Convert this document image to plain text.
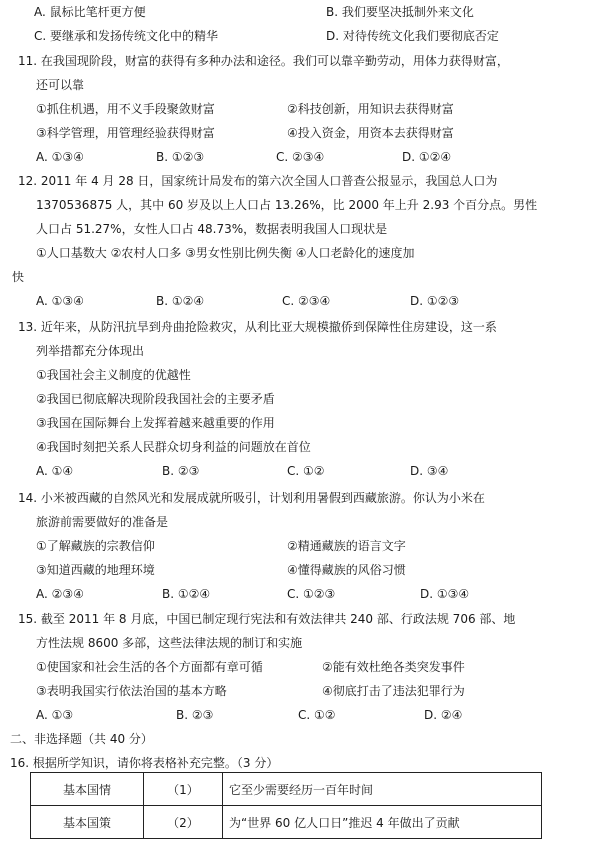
A. 鼠标比笔杆更方便	B. 我们要坚决抵制外来文化
C. 要继承和发扬传统文化中的精华	D. 对待传统文化我们要彻底否定
11. 在我国现阶段，财富的获得有多种办法和途径。我们可以靠辛勤劳动，用体力获得财富，
还可以靠
①抓住机遇，用不义手段聚敛财富	②科技创新，用知识去获得财富
③科学管理，用管理经验获得财富	④投入资金，用资本去获得财富
A. ①③④	B. ①②③	C. ②③④	D. ①②④
12. 2011 年 4 月 28 日，国家统计局发布的第六次全国人口普查公报显示，我国总人口为
1370536875 人，其中 60 岁及以上人口占 13.26%，比 2000 年上升 2.93 个百分点。男性
人口占 51.27%，女性人口占 48.73%，数据表明我国人口现状是
①人口基数大 ②农村人口多 ③男女性别比例失衡 ④人口老龄化的速度加
快
A. ①③④	B. ①②④	C. ②③④	D. ①②③
13. 近年来，从防汛抗旱到舟曲抢险救灾，从利比亚大规模撤侨到保障性住房建设，这一系
列举措都充分体现出
①我国社会主义制度的优越性
②我国已彻底解决现阶段我国社会的主要矛盾
③我国在国际舞台上发挥着越来越重要的作用
④我国时刻把关系人民群众切身利益的问题放在首位
A. ①④	B. ②③	C. ①②	D. ③④
14. 小米被西藏的自然风光和发展成就所吸引，计划利用暑假到西藏旅游。你认为小米在
旅游前需要做好的准备是
①了解藏族的宗教信仰	②精通藏族的语言文字
③知道西藏的地理环境	④懂得藏族的风俗习惯
A. ②③④	B. ①②④	C. ①②③	D. ①③④
15. 截至 2011 年 8 月底，中国已制定现行宪法和有效法律共 240 部、行政法规 706 部、地
方性法规 8600 多部，这些法律法规的制订和实施
①使国家和社会生活的各个方面都有章可循	②能有效杜绝各类突发事件
③表明我国实行依法治国的基本方略	④彻底打击了违法犯罪行为
A. ①③	B. ②③	C. ①②	D. ②④
二、非选择题（共 40 分）
16. 根据所学知识，请你将表格补充完整。（3 分）
基本国情	（1）	它至少需要经历一百年时间
基本国策	（2）	为“世界 60 亿人口日”推迟 4 年做出了贡献
